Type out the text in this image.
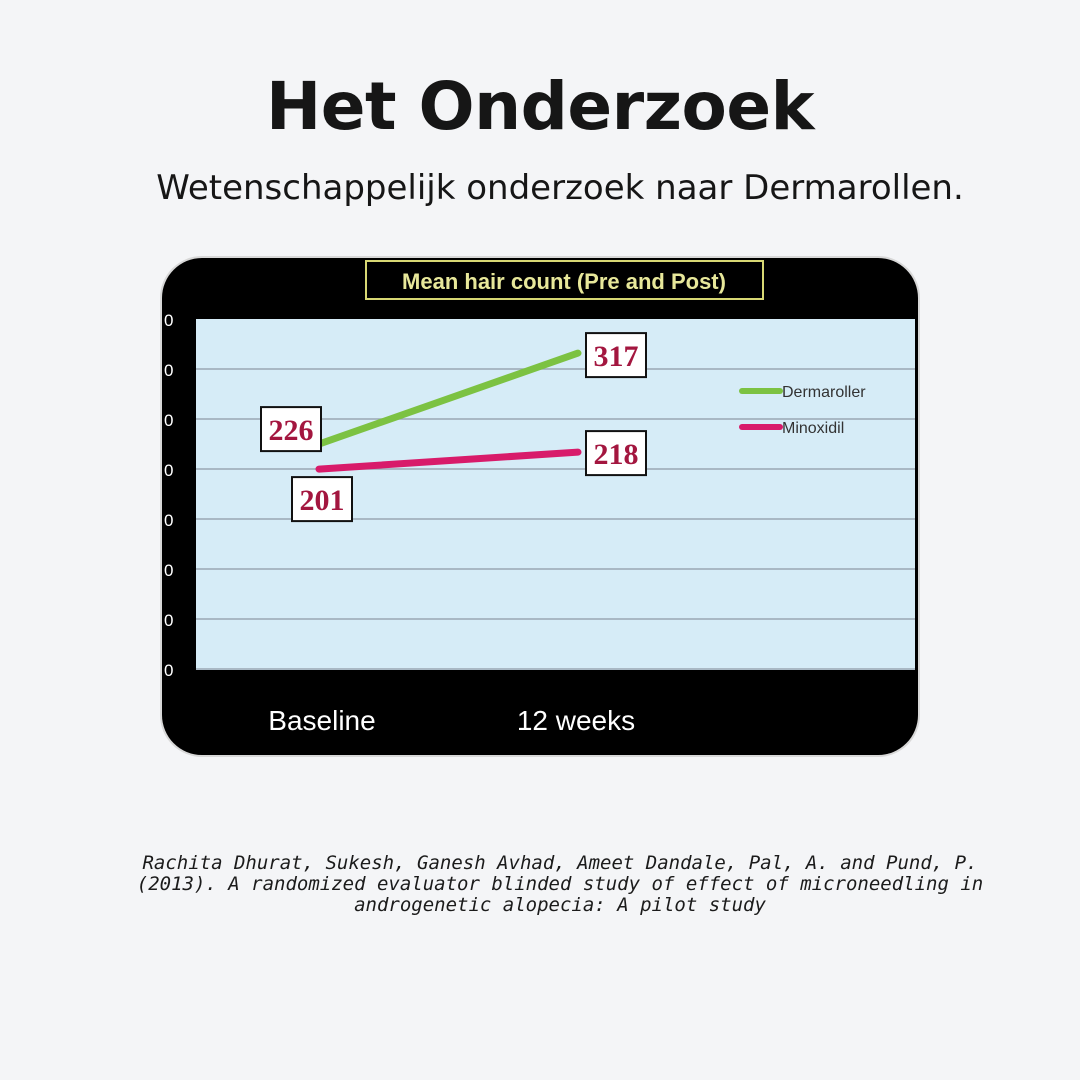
Het Onderzoek
Wetenschappelijk onderzoek naar Dermarollen.
0
0
0
0
0
0
0
0
Mean hair count (Pre and Post)
Baseline	12 weeks
226
317
201
218
Dermaroller
Minoxidil
Rachita Dhurat, Sukesh, Ganesh Avhad, Ameet Dandale, Pal, A. and Pund, P. (2013). A randomized evaluator blinded study of effect of microneedling in androgenetic alopecia: A pilot study
